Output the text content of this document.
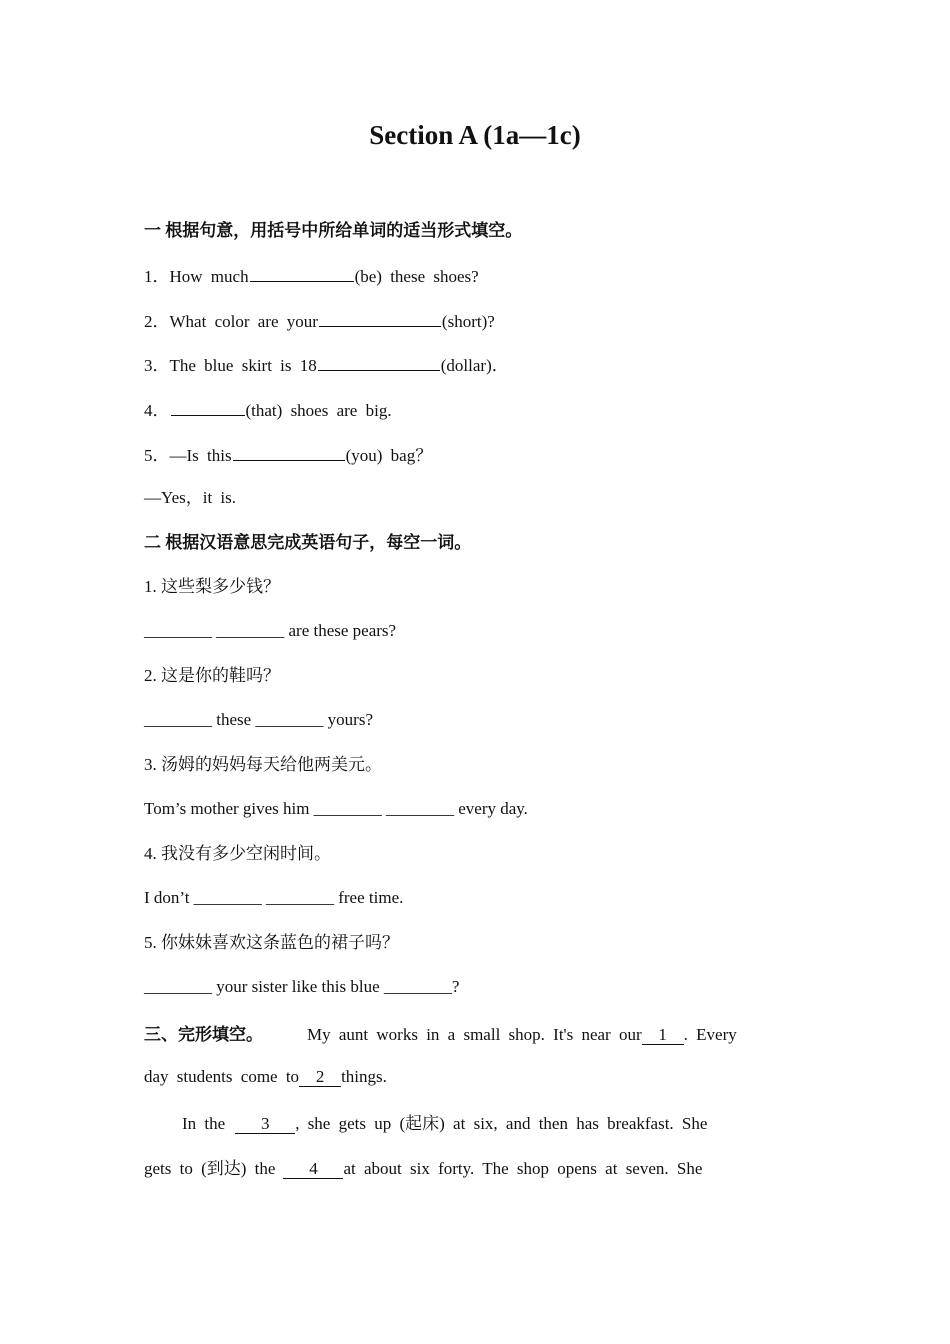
Section A (1a—1c)
一 根据句意，用括号中所给单词的适当形式填空。
1．How much	(be) these shoes?
2．What color are your	(short)?
3．The blue skirt is 18	(dollar)．
4．	(that) shoes are big.
5．—Is this	(you) bag？
—Yes，it is.
二 根据汉语意思完成英语句子，每空一词。
1. 这些梨多少钱？
________ ________ are these pears?
2. 这是你的鞋吗？
________ these ________ yours?
3. 汤姆的妈妈每天给他两美元。
Tom’s mother gives him ________ ________ every day.
4. 我没有多少空闲时间。
I don’t ________ ________ free time.
5. 你妹妹喜欢这条蓝色的裙子吗？
________ your sister like this blue ________?
三、完形填空。	My aunt works in a small shop. It's near our 1 . Every
day students come to 2 things.
In the 3 , she gets up (起床) at six, and then has breakfast. She
gets to (到达) the 4 at about six forty. The shop opens at seven. She
